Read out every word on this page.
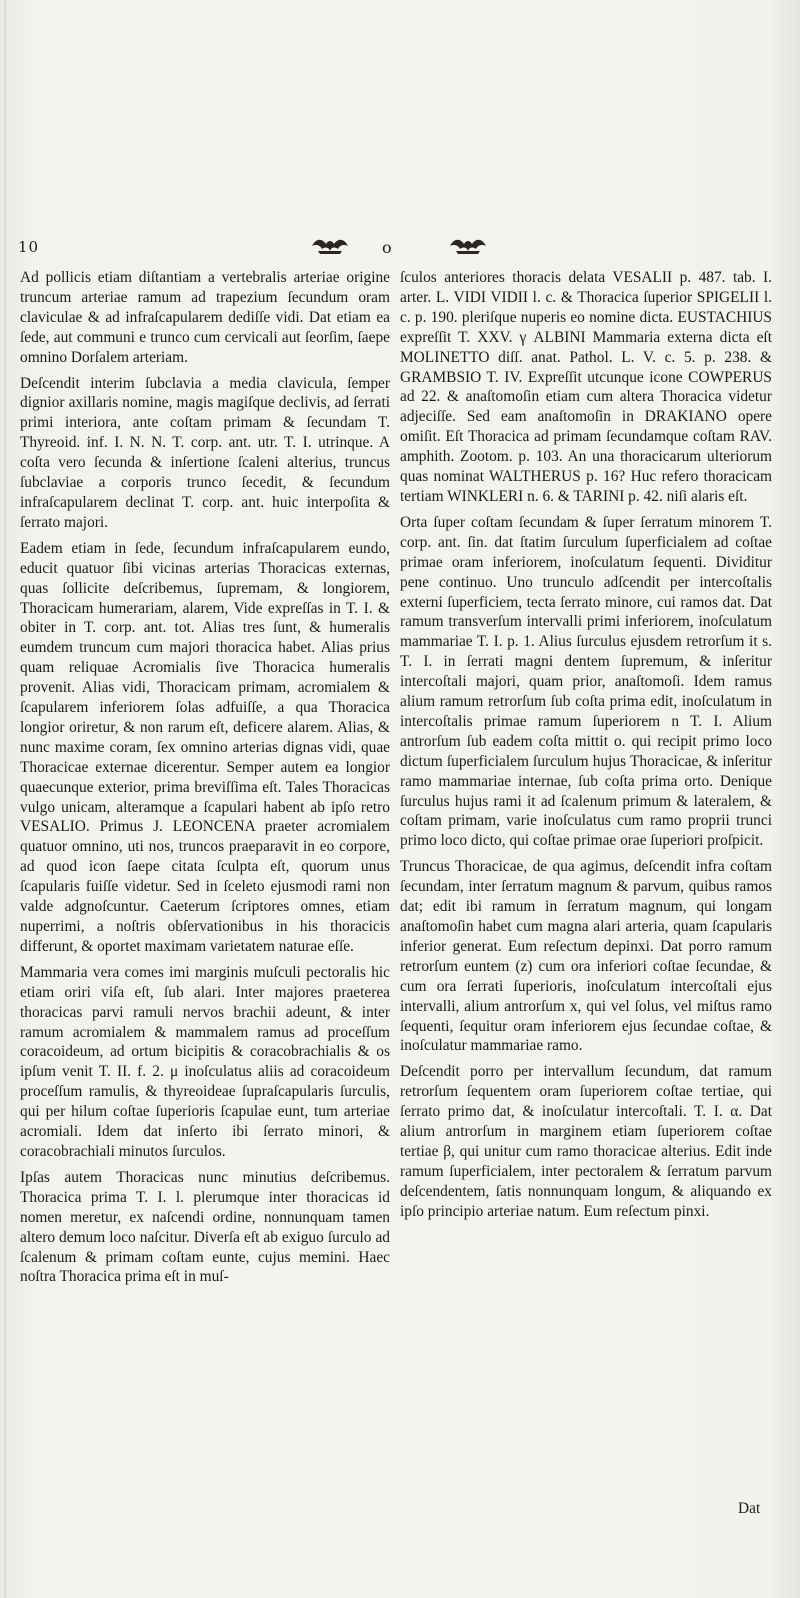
10	o

Ad pollicis etiam diſtantiam a vertebralis arteriae origine truncum arteriae ramum ad trapezium ſecundum oram claviculae & ad infraſcapularem dediſſe vidi. Dat etiam ea ſede, aut communi e trunco cum cervicali aut ſeorſim, ſaepe omnino Dorſalem arteriam.

Deſcendit interim ſubclavia a media clavicula, ſemper dignior axillaris nomine, magis magiſque declivis, ad ſerrati primi interiora, ante coſtam primam & ſecundam T. Thyreoid. inf. I. N. N. T. corp. ant. utr. T. I. utrinque. A coſta vero ſecunda & inſertione ſcaleni alterius, truncus ſubclaviae a corporis trunco ſecedit, & ſecundum infraſcapularem declinat T. corp. ant. huic interpoſita & ſerrato majori.

Eadem etiam in ſede, ſecundum infraſcapularem eundo, educit quatuor ſibi vicinas arterias Thoracicas externas, quas ſollicite deſcribemus, ſupremam, & longiorem, Thoracicam humerariam, alarem, Vide expreſſas in T. I. & obiter in T. corp. ant. tot. Alias tres ſunt, & humeralis eumdem truncum cum majori thoracica habet. Alias prius quam reliquae Acromialis ſive Thoracica humeralis provenit. Alias vidi, Thoracicam primam, acromialem & ſcapularem inferiorem ſolas adfuiſſe, a qua Thoracica longior oriretur, & non rarum eſt, deficere alarem. Alias, & nunc maxime coram, ſex omnino arterias dignas vidi, quae Thoracicae externae dicerentur. Semper autem ea longior quaecunque exterior, prima breviſſima eſt. Tales Thoracicas vulgo unicam, alteramque a ſcapulari habent ab ipſo retro VESALIO. Primus J. LEONCENA praeter acromialem quatuor omnino, uti nos, truncos praeparavit in eo corpore, ad quod icon ſaepe citata ſculpta eſt, quorum unus ſcapularis fuiſſe videtur. Sed in ſceleto ejusmodi rami non valde adgnoſcuntur. Caeterum ſcriptores omnes, etiam nuperrimi, a noſtris obſervationibus in his thoracicis differunt, & oportet maximam varietatem naturae eſſe.

Mammaria vera comes imi marginis muſculi pectoralis hic etiam oriri viſa eſt, ſub alari. Inter majores praeterea thoracicas parvi ramuli nervos brachii adeunt, & inter ramum acromialem & mammalem ramus ad proceſſum coracoideum, ad ortum bicipitis & coracobrachialis & os ipſum venit T. II. f. 2. μ inoſculatus aliis ad coracoideum proceſſum ramulis, & thyreoideae ſupraſcapularis ſurculis, qui per hilum coſtae ſuperioris ſcapulae eunt, tum arteriae acromiali. Idem dat inſerto ibi ſerrato minori, & coracobrachiali minutos ſurculos.

Ipſas autem Thoracicas nunc minutius deſcribemus. Thoracica prima T. I. l. plerumque inter thoracicas id nomen meretur, ex naſcendi ordine, nonnunquam tamen altero demum loco naſcitur. Diverſa eſt ab exiguo ſurculo ad ſcalenum & primam coſtam eunte, cujus memini. Haec noſtra Thoracica prima eſt in muſ-

ſculos anteriores thoracis delata VESALII p. 487. tab. I. arter. L. VIDI VIDII l. c. & Thoracica ſuperior SPIGELII l. c. p. 190. pleriſque nuperis eo nomine dicta. EUSTACHIUS expreſſit T. XXV. γ ALBINI Mammaria externa dicta eſt MOLINETTO diſſ. anat. Pathol. L. V. c. 5. p. 238. & GRAMBSIO T. IV. Expreſſit utcunque icone COWPERUS ad 22. & anaſtomoſin etiam cum altera Thoracica videtur adjeciſſe. Sed eam anaſtomoſin in DRAKIANO opere omiſit. Eſt Thoracica ad primam ſecundamque coſtam RAV. amphith. Zootom. p. 103. An una thoracicarum ulteriorum quas nominat WALTHERUS p. 16? Huc refero thoracicam tertiam WINKLERI n. 6. & TARINI p. 42. niſi alaris eſt.

Orta ſuper coſtam ſecundam & ſuper ſerratum minorem T. corp. ant. ſin. dat ſtatim ſurculum ſuperficialem ad coſtae primae oram inferiorem, inoſculatum ſequenti. Dividitur pene continuo. Uno trunculo adſcendit per intercoſtalis externi ſuperficiem, tecta ſerrato minore, cui ramos dat. Dat ramum transverſum intervalli primi inferiorem, inoſculatum mammariae T. I. p. 1. Alius ſurculus ejusdem retrorſum it s. T. I. in ſerrati magni dentem ſupremum, & inſeritur intercoſtali majori, quam prior, anaſtomoſi. Idem ramus alium ramum retrorſum ſub coſta prima edit, inoſculatum in intercoſtalis primae ramum ſuperiorem n T. I. Alium antrorſum ſub eadem coſta mittit o. qui recipit primo loco dictum ſuperficialem ſurculum hujus Thoracicae, & inſeritur ramo mammariae internae, ſub coſta prima orto. Denique ſurculus hujus rami it ad ſcalenum primum & lateralem, & coſtam primam, varie inoſculatus cum ramo proprii trunci primo loco dicto, qui coſtae primae orae ſuperiori proſpicit.

Truncus Thoracicae, de qua agimus, deſcendit infra coſtam ſecundam, inter ſerratum magnum & parvum, quibus ramos dat; edit ibi ramum in ſerratum magnum, qui longam anaſtomoſin habet cum magna alari arteria, quam ſcapularis inferior generat. Eum reſectum depinxi. Dat porro ramum retrorſum euntem (z) cum ora inferiori coſtae ſecundae, & cum ora ſerrati ſuperioris, inoſculatum intercoſtali ejus intervalli, alium antrorſum x, qui vel ſolus, vel miſtus ramo ſequenti, ſequitur oram inferiorem ejus ſecundae coſtae, & inoſculatur mammariae ramo.

Deſcendit porro per intervallum ſecundum, dat ramum retrorſum ſequentem oram ſuperiorem coſtae tertiae, qui ſerrato primo dat, & inoſculatur intercoſtali. T. I. α. Dat alium antrorſum in marginem etiam ſuperiorem coſtae tertiae β, qui unitur cum ramo thoracicae alterius. Edit inde ramum ſuperficialem, inter pectoralem & ſerratum parvum deſcendentem, ſatis nonnunquam longum, & aliquando ex ipſo principio arteriae natum. Eum reſectum pinxi.

Dat
